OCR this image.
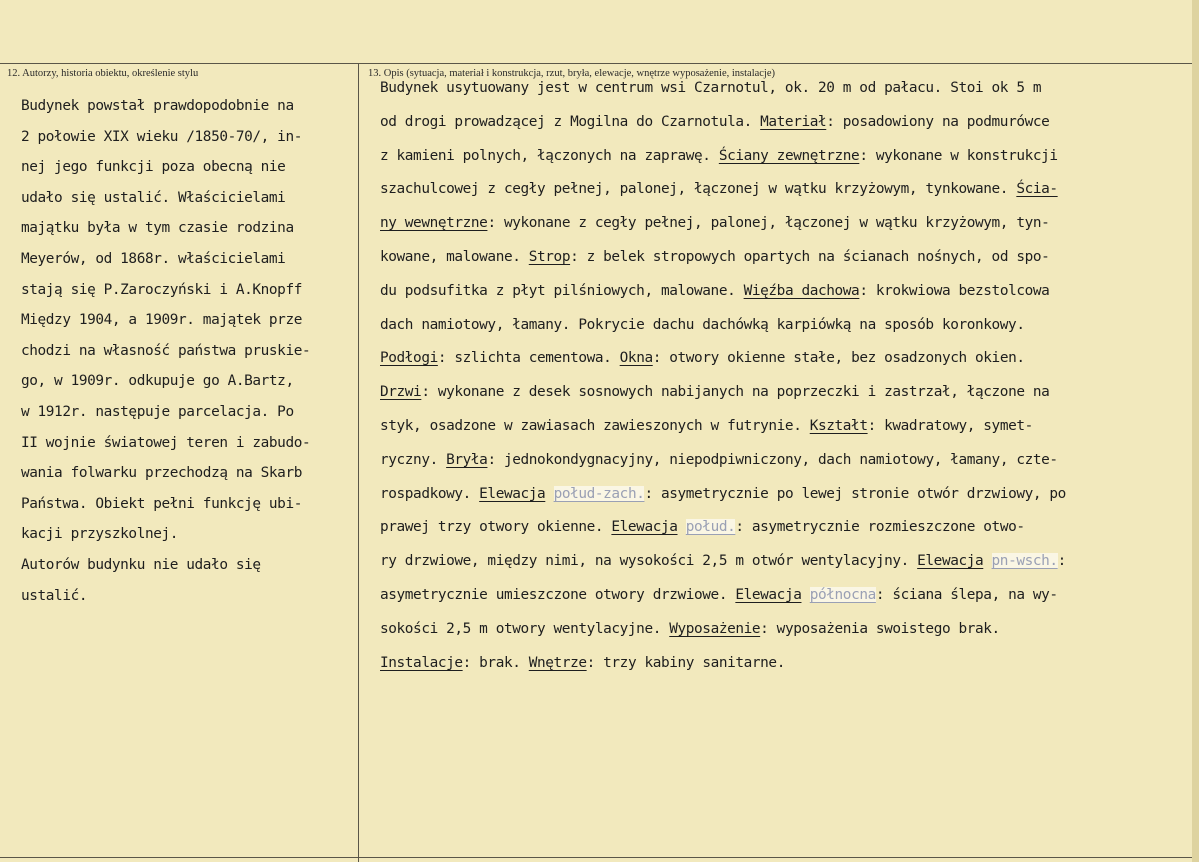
12. Autorzy, historia obiektu, określenie stylu	13. Opis (sytuacja, materiał i konstrukcja, rzut, bryła, elewacje, wnętrze wyposażenie, instalacje)
Budynek powstał prawdopodobnie na
2 połowie XIX wieku /1850-70/, in-
nej jego funkcji poza obecną nie
udało się ustalić. Właścicielami
majątku była w tym czasie rodzina
Meyerów, od 1868r. właścicielami
stają się P.Zaroczyński i A.Knopff
Między 1904, a 1909r. majątek prze
chodzi na własność państwa pruskie-
go, w 1909r. odkupuje go A.Bartz,
w 1912r. następuje parcelacja. Po
II wojnie światowej teren i zabudo-
wania folwarku przechodzą na Skarb
Państwa. Obiekt pełni funkcję ubi-
kacji przyszkolnej.
Autorów budynku nie udało się
ustalić.
Budynek usytuowany jest w centrum wsi Czarnotul, ok. 20 m od pałacu. Stoi ok 5 m
od drogi prowadzącej z Mogilna do Czarnotula. Materiał: posadowiony na podmurówce
z kamieni polnych, łączonych na zaprawę. Ściany zewnętrzne: wykonane w konstrukcji
szachulcowej z cegły pełnej, palonej, łączonej w wątku krzyżowym, tynkowane. Ścia-
ny wewnętrzne: wykonane z cegły pełnej, palonej, łączonej w wątku krzyżowym, tyn-
kowane, malowane. Strop: z belek stropowych opartych na ścianach nośnych, od spo-
du podsufitka z płyt pilśniowych, malowane. Więźba dachowa: krokwiowa bezstolcowa
dach namiotowy, łamany. Pokrycie dachu dachówką karpiówką na sposób koronkowy.
Podłogi: szlichta cementowa. Okna: otwory okienne stałe, bez osadzonych okien.
Drzwi: wykonane z desek sosnowych nabijanych na poprzeczki i zastrzał, łączone na
styk, osadzone w zawiasach zawieszonych w futrynie. Kształt: kwadratowy, symet-
ryczny. Bryła: jednokondygnacyjny, niepodpiwniczony, dach namiotowy, łamany, czte-
rospadkowy. Elewacja połud-zach.: asymetrycznie po lewej stronie otwór drzwiowy, po
prawej trzy otwory okienne. Elewacja połud.: asymetrycznie rozmieszczone otwo-
ry drzwiowe, między nimi, na wysokości 2,5 m otwór wentylacyjny. Elewacja pn-wsch.:
asymetrycznie umieszczone otwory drzwiowe. Elewacja północna: ściana ślepa, na wy-
sokości 2,5 m otwory wentylacyjne. Wyposażenie: wyposażenia swoistego brak.
Instalacje: brak. Wnętrze: trzy kabiny sanitarne.
